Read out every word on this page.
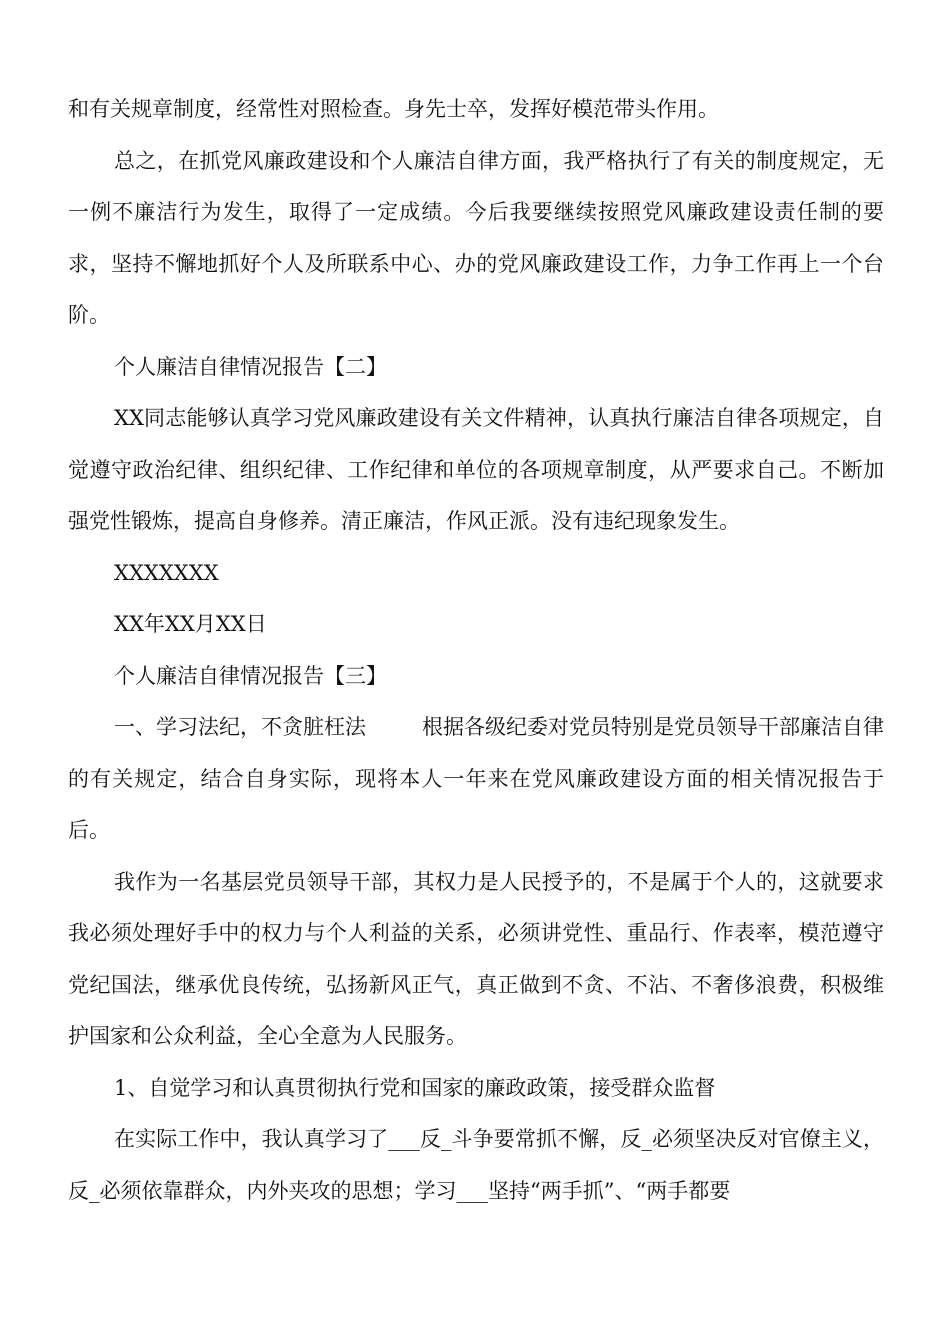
和有关规章制度，经常性对照检查。身先士卒，发挥好模范带头作用。

总之，在抓党风廉政建设和个人廉洁自律方面，我严格执行了有关的制度规定，无一例不廉洁行为发生，取得了一定成绩。今后我要继续按照党风廉政建设责任制的要求，坚持不懈地抓好个人及所联系中心、办的党风廉政建设工作，力争工作再上一个台阶。

个人廉洁自律情况报告【二】

XX同志能够认真学习党风廉政建设有关文件精神，认真执行廉洁自律各项规定，自觉遵守政治纪律、组织纪律、工作纪律和单位的各项规章制度，从严要求自己。不断加强党性锻炼，提高自身修养。清正廉洁，作风正派。没有违纪现象发生。

XXXXXXX

XX年XX月XX日

个人廉洁自律情况报告【三】

一、学习法纪，不贪脏枉法	根据各级纪委对党员特别是党员领导干部廉洁自律的有关规定，结合自身实际，现将本人一年来在党风廉政建设方面的相关情况报告于后。

我作为一名基层党员领导干部，其权力是人民授予的，不是属于个人的，这就要求我必须处理好手中的权力与个人利益的关系，必须讲党性、重品行、作表率，模范遵守党纪国法，继承优良传统，弘扬新风正气，真正做到不贪、不沾、不奢侈浪费，积极维护国家和公众利益，全心全意为人民服务。

1、自觉学习和认真贯彻执行党和国家的廉政政策，接受群众监督

在实际工作中，我认真学习了___反_斗争要常抓不懈，反_必须坚决反对官僚主义，反_必须依靠群众，内外夹攻的思想；学习___坚持“两手抓”、“两手都要
